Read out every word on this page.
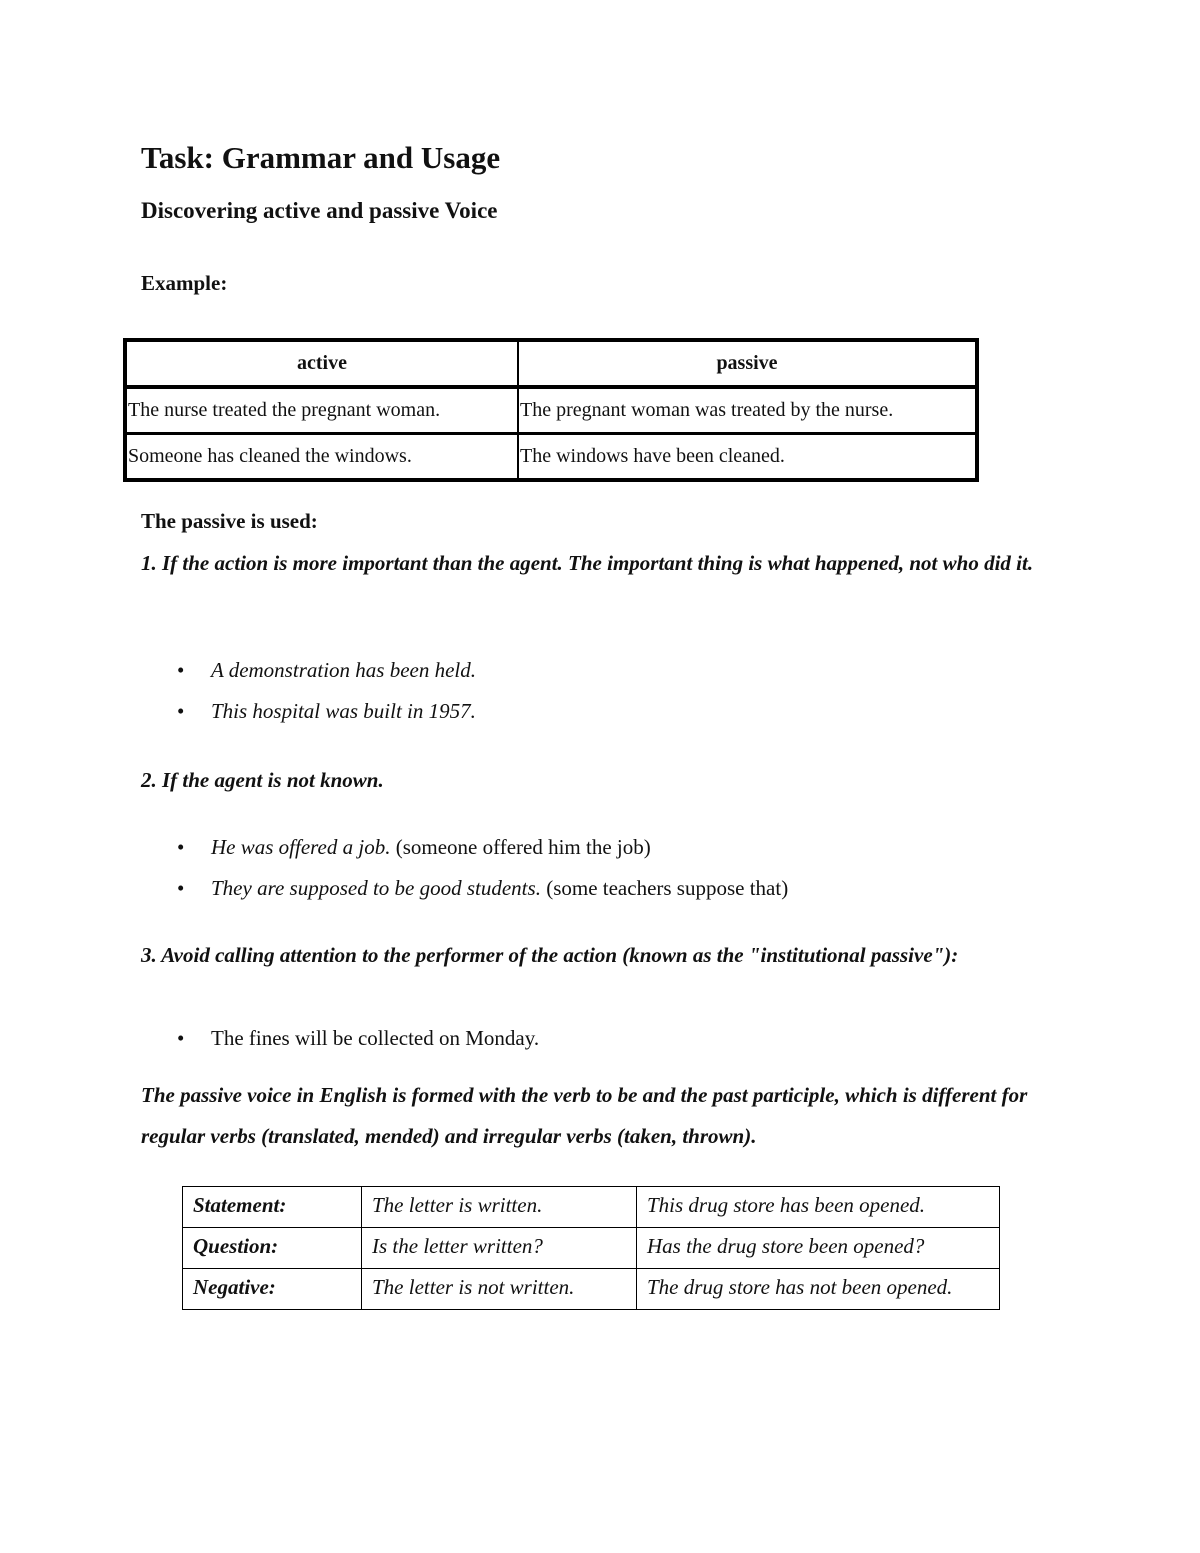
Task: Grammar and Usage
Discovering active and passive Voice
Example:
active	passive
The nurse treated the pregnant woman.	The pregnant woman was treated by the nurse.
Someone has cleaned the windows.	The windows have been cleaned.
The passive is used:
1. If the action is more important than the agent. The important thing is what happened, not who did it.
• A demonstration has been held.
• This hospital was built in 1957.
2. If the agent is not known.
• He was offered a job. (someone offered him the job)
• They are supposed to be good students. (some teachers suppose that)
3. Avoid calling attention to the performer of the action (known as the "institutional passive"):
• The fines will be collected on Monday.
The passive voice in English is formed with the verb to be and the past participle, which is different for regular verbs (translated, mended) and irregular verbs (taken, thrown).
Statement:	The letter is written.	This drug store has been opened.
Question:	Is the letter written?	Has the drug store been opened?
Negative:	The letter is not written.	The drug store has not been opened.
